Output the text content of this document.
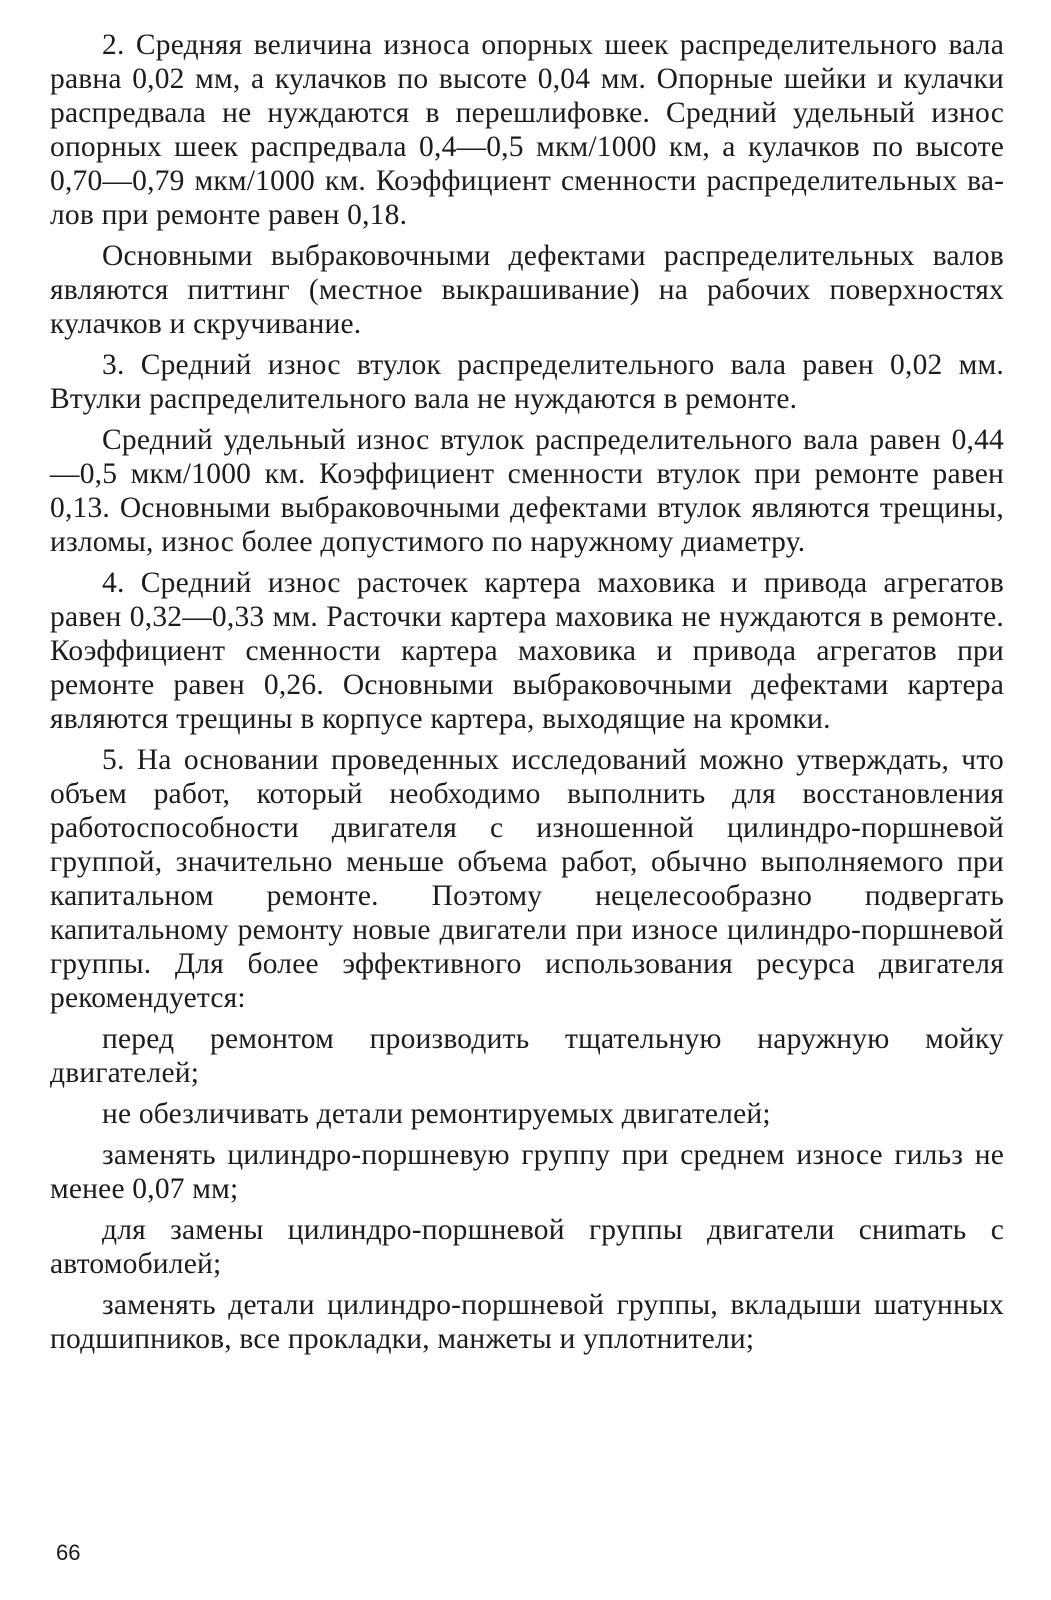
2. Средняя величина износа опорных шеек распределительного вала равна 0,02 мм, а кулачков по высоте 0,04 мм. Опорные шейки и кулачки распредвала не нуждаются в перешлифовке. Средний удельный износ опорных шеек распредвала 0,4—0,5 мкм/1000 км, а кулачков по высоте 0,70—0,79 мкм/1000 км. Коэффициент сменности распределительных валов при ремонте равен 0,18.

Основными выбраковочными дефектами распределительных валов являются питтинг (местное выкрашивание) на рабочих поверхностях кулачков и скручивание.

3. Средний износ втулок распределительного вала равен 0,02 мм. Втулки распределительного вала не нуждаются в ремонте.

Средний удельный износ втулок распределительного вала равен 0,44—0,5 мкм/1000 км. Коэффициент сменности втулок при ремонте равен 0,13. Основными выбраковочными дефектами втулок являются трещины, изломы, износ более допустимого по наружному диаметру.

4. Средний износ расточек картера маховика и привода агрегатов равен 0,32—0,33 мм. Расточки картера маховика не нуждаются в ремонте. Коэффициент сменности картера маховика и привода агрегатов при ремонте равен 0,26. Основными выбраковочными дефектами картера являются трещины в корпусе картера, выходящие на кромки.

5. На основании проведенных исследований можно утверждать, что объем работ, который необходимо выполнить для восстановления работоспособности двигателя с изношенной цилиндро-поршневой группой, значительно меньше объема работ, обычно выполняемого при капитальном ремонте. Поэтому нецелесообразно подвергать капитальному ремонту новые двигатели при износе цилиндро-поршневой группы. Для более эффективного использования ресурса двигателя рекомендуется:

перед ремонтом производить тщательную наружную мойку двигателей;

не обезличивать детали ремонтируемых двигателей;

заменять цилиндро-поршневую группу при среднем износе гильз не менее 0,07 мм;

для замены цилиндро-поршневой группы двигатели сниmать с автомобилей;

заменять детали цилиндро-поршневой группы, вкладыши шатунных подшипников, все прокладки, манжеты и уплотнители;

66
